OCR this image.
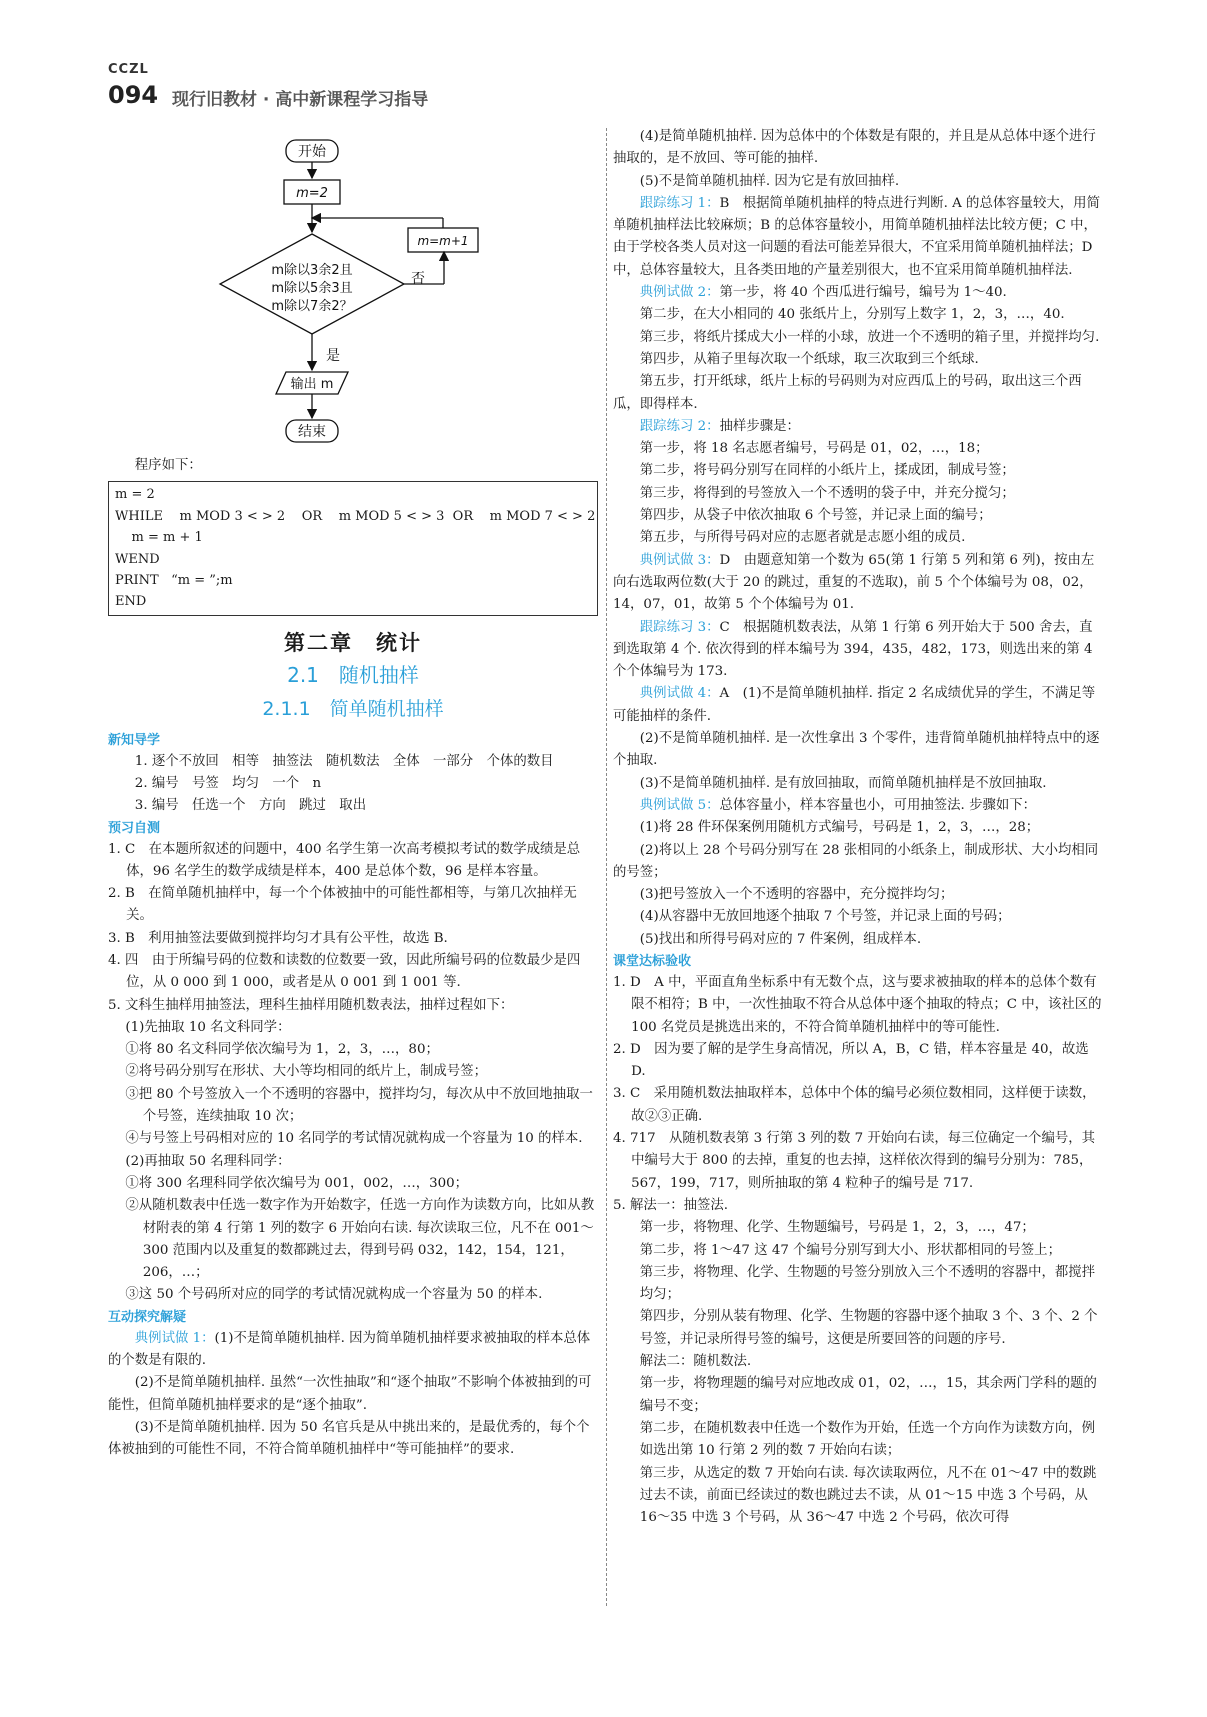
CCZL
094 现行旧教材 · 高中新课程学习指导
开始
m=2
m=m+1
m除以3余2且
m除以5余3且
m除以7余2？
否
是
输出 m
结束

程序如下：

m = 2
WHILE    m MOD 3 < > 2    OR    m MOD 5 < > 3  OR    m MOD 7 < > 2
m = m + 1
WEND
PRINT   “m = ”;m
END
第二章　统计
2.1　随机抽样
2.1.1　简单随机抽样
新知导学

1. 逐个不放回　相等　抽签法　随机数法　全体　一部分　个体的数目

2. 编号　号签　均匀　一个　n

3. 编号　任选一个　方向　跳过　取出

预习自测

1. C　在本题所叙述的问题中，400 名学生第一次高考模拟考试的数学成绩是总体，96 名学生的数学成绩是样本，400 是总体个数，96 是样本容量。

2. B　在简单随机抽样中，每一个个体被抽中的可能性都相等，与第几次抽样无关。

3. B　利用抽签法要做到搅拌均匀才具有公平性，故选 B.

4. 四　由于所编号码的位数和读数的位数要一致，因此所编号码的位数最少是四位，从 0 000 到 1 000，或者是从 0 001 到 1 001 等.

5. 文科生抽样用抽签法，理科生抽样用随机数表法，抽样过程如下：

(1)先抽取 10 名文科同学：

①将 80 名文科同学依次编号为 1，2，3，…，80；

②将号码分别写在形状、大小等均相同的纸片上，制成号签；

③把 80 个号签放入一个不透明的容器中，搅拌均匀，每次从中不放回地抽取一个号签，连续抽取 10 次；

④与号签上号码相对应的 10 名同学的考试情况就构成一个容量为 10 的样本.

(2)再抽取 50 名理科同学：

①将 300 名理科同学依次编号为 001，002，…，300；

②从随机数表中任选一数字作为开始数字，任选一方向作为读数方向，比如从教材附表的第 4 行第 1 列的数字 6 开始向右读. 每次读取三位，凡不在 001～300 范围内以及重复的数都跳过去，得到号码 032，142，154，121，206，…；

③这 50 个号码所对应的同学的考试情况就构成一个容量为 50 的样本.

互动探究解疑

典例试做 1：(1)不是简单随机抽样. 因为简单随机抽样要求被抽取的样本总体的个数是有限的.

(2)不是简单随机抽样. 虽然“一次性抽取”和“逐个抽取”不影响个体被抽到的可能性，但简单随机抽样要求的是“逐个抽取”.

(3)不是简单随机抽样. 因为 50 名官兵是从中挑出来的，是最优秀的，每个个体被抽到的可能性不同，不符合简单随机抽样中“等可能抽样”的要求.

(4)是简单随机抽样. 因为总体中的个体数是有限的，并且是从总体中逐个进行抽取的，是不放回、等可能的抽样.

(5)不是简单随机抽样. 因为它是有放回抽样.

跟踪练习 1：B　根据简单随机抽样的特点进行判断. A 的总体容量较大，用简单随机抽样法比较麻烦；B 的总体容量较小，用简单随机抽样法比较方便；C 中，由于学校各类人员对这一问题的看法可能差异很大，不宜采用简单随机抽样法；D 中，总体容量较大，且各类田地的产量差别很大，也不宜采用简单随机抽样法.

典例试做 2：第一步，将 40 个西瓜进行编号，编号为 1～40.

第二步，在大小相同的 40 张纸片上，分别写上数字 1，2，3，…，40.

第三步，将纸片揉成大小一样的小球，放进一个不透明的箱子里，并搅拌均匀.

第四步，从箱子里每次取一个纸球，取三次取到三个纸球.

第五步，打开纸球，纸片上标的号码则为对应西瓜上的号码，取出这三个西瓜，即得样本.

跟踪练习 2：抽样步骤是：

第一步，将 18 名志愿者编号，号码是 01，02，…，18；

第二步，将号码分别写在同样的小纸片上，揉成团，制成号签；

第三步，将得到的号签放入一个不透明的袋子中，并充分搅匀；

第四步，从袋子中依次抽取 6 个号签，并记录上面的编号；

第五步，与所得号码对应的志愿者就是志愿小组的成员.

典例试做 3：D　由题意知第一个数为 65(第 1 行第 5 列和第 6 列)，按由左向右选取两位数(大于 20 的跳过，重复的不选取)，前 5 个个体编号为 08，02，14，07，01，故第 5 个个体编号为 01.

跟踪练习 3：C　根据随机数表法，从第 1 行第 6 列开始大于 500 舍去，直到选取第 4 个. 依次得到的样本编号为 394，435，482，173，则选出来的第 4 个个体编号为 173.

典例试做 4：A　(1)不是简单随机抽样. 指定 2 名成绩优异的学生，不满足等可能抽样的条件.

(2)不是简单随机抽样. 是一次性拿出 3 个零件，违背简单随机抽样特点中的逐个抽取.

(3)不是简单随机抽样. 是有放回抽取，而简单随机抽样是不放回抽取.

典例试做 5：总体容量小，样本容量也小，可用抽签法. 步骤如下：

(1)将 28 件环保案例用随机方式编号，号码是 1，2，3，…，28；

(2)将以上 28 个号码分别写在 28 张相同的小纸条上，制成形状、大小均相同的号签；

(3)把号签放入一个不透明的容器中，充分搅拌均匀；

(4)从容器中无放回地逐个抽取 7 个号签，并记录上面的号码；

(5)找出和所得号码对应的 7 件案例，组成样本.

课堂达标验收

1. D　A 中，平面直角坐标系中有无数个点，这与要求被抽取的样本的总体个数有限不相符；B 中，一次性抽取不符合从总体中逐个抽取的特点；C 中，该社区的 100 名党员是挑选出来的，不符合简单随机抽样中的等可能性.

2. D　因为要了解的是学生身高情况，所以 A，B，C 错，样本容量是 40，故选 D.

3. C　采用随机数法抽取样本，总体中个体的编号必须位数相同，这样便于读数，故②③正确.

4. 717　从随机数表第 3 行第 3 列的数 7 开始向右读，每三位确定一个编号，其中编号大于 800 的去掉，重复的也去掉，这样依次得到的编号分别为：785，567，199，717，则所抽取的第 4 粒种子的编号是 717.

5. 解法一：抽签法.

第一步，将物理、化学、生物题编号，号码是 1，2，3，…，47；

第二步，将 1～47 这 47 个编号分别写到大小、形状都相同的号签上；

第三步，将物理、化学、生物题的号签分别放入三个不透明的容器中，都搅拌均匀；

第四步，分别从装有物理、化学、生物题的容器中逐个抽取 3 个、3 个、2 个号签，并记录所得号签的编号，这便是所要回答的问题的序号.

解法二：随机数法.

第一步，将物理题的编号对应地改成 01，02，…，15，其余两门学科的题的编号不变；

第二步，在随机数表中任选一个数作为开始，任选一个方向作为读数方向，例如选出第 10 行第 2 列的数 7 开始向右读；

第三步，从选定的数 7 开始向右读. 每次读取两位，凡不在 01～47 中的数跳过去不读，前面已经读过的数也跳过去不读，从 01～15 中选 3 个号码，从 16～35 中选 3 个号码，从 36～47 中选 2 个号码，依次可得
